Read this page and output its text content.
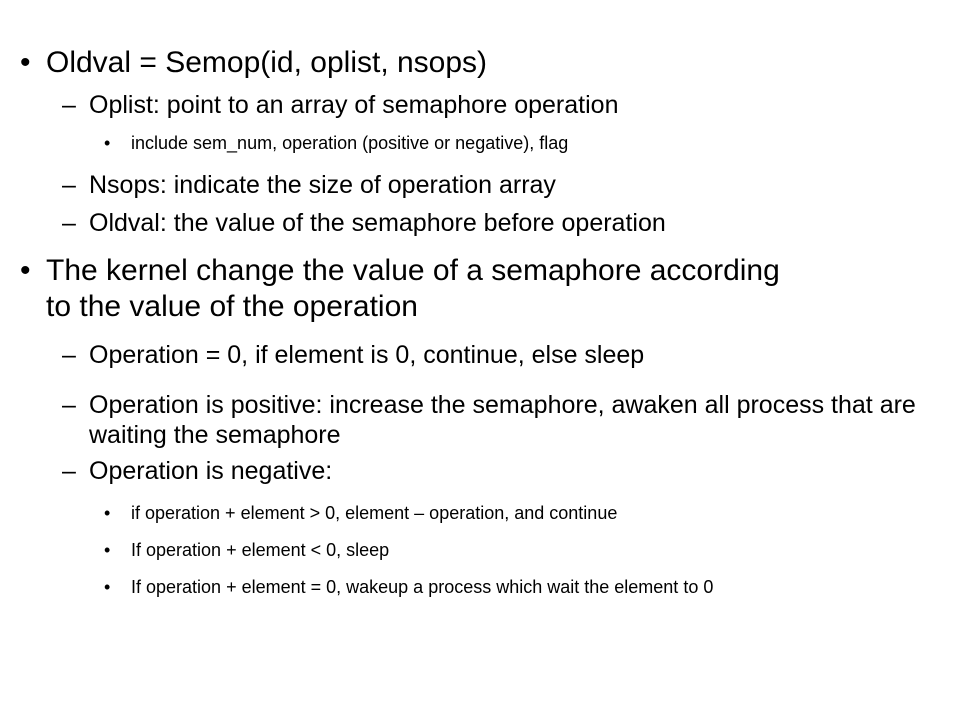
• Oldval = Semop(id, oplist, nsops)
– Oplist: point to an array of semaphore operation
• include sem_num, operation (positive or negative), flag
– Nsops: indicate the size of operation array
– Oldval: the value of the semaphore before operation
• The kernel change the value of a semaphore according to the value of the operation
– Operation = 0, if element is 0, continue, else sleep
– Operation is positive: increase the semaphore, awaken all process that are waiting the semaphore
– Operation is negative:
• if operation + element > 0, element – operation, and continue
• If operation + element < 0, sleep
• If operation + element = 0, wakeup a process which wait the element to 0
